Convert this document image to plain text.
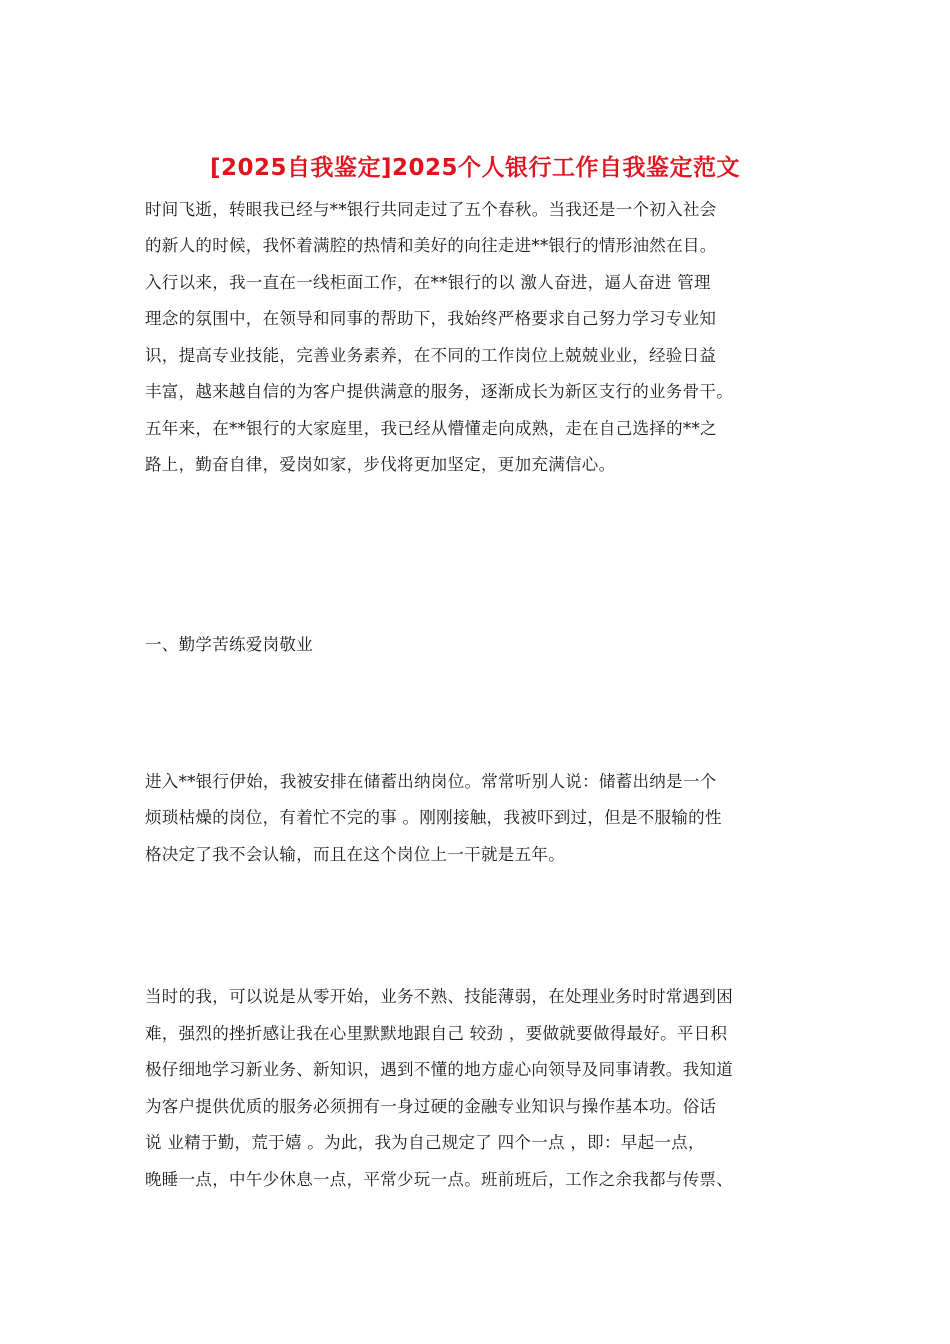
[2025自我鉴定]2025个人银行工作自我鉴定范文
时间飞逝，转眼我已经与**银行共同走过了五个春秋。当我还是一个初入社会
的新人的时候，我怀着满腔的热情和美好的向往走进**银行的情形油然在目。
入行以来，我一直在一线柜面工作，在**银行的以 激人奋进，逼人奋进 管理
理念的氛围中，在领导和同事的帮助下，我始终严格要求自己努力学习专业知
识，提高专业技能，完善业务素养，在不同的工作岗位上兢兢业业，经验日益
丰富，越来越自信的为客户提供满意的服务，逐渐成长为新区支行的业务骨干。
五年来，在**银行的大家庭里，我已经从懵懂走向成熟，走在自己选择的**之
路上，勤奋自律，爱岗如家，步伐将更加坚定，更加充满信心。
一、勤学苦练爱岗敬业
进入**银行伊始，我被安排在储蓄出纳岗位。常常听别人说：储蓄出纳是一个
烦琐枯燥的岗位，有着忙不完的事 。刚刚接触，我被吓到过，但是不服输的性
格决定了我不会认输，而且在这个岗位上一干就是五年。
当时的我，可以说是从零开始，业务不熟、技能薄弱，在处理业务时时常遇到困
难，强烈的挫折感让我在心里默默地跟自己 较劲 ，要做就要做得最好。平日积
极仔细地学习新业务、新知识，遇到不懂的地方虚心向领导及同事请教。我知道
为客户提供优质的服务必须拥有一身过硬的金融专业知识与操作基本功。俗话
说 业精于勤，荒于嬉 。为此，我为自己规定了 四个一点 ，即：早起一点，
晚睡一点，中午少休息一点，平常少玩一点。班前班后，工作之余我都与传票、
